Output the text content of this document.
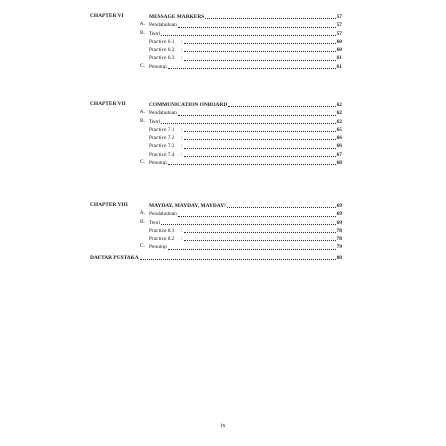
CHAPTER VI	MESSAGE MARKERS	57
A. Pendahuluan	57
B. Teori	57
Practice 6.1 :	60
Practice 6.2 :	60
Practice 6.3 :	61
C. Penutup	61
CHAPTER VII	COMMUNICATION ONBOARD	62
A. Pendahuluan	62
B. Teori	62
Practice 7.1 :	65
Practice 7.2 :	66
Practice 7.3 :	66
Practice 7.4 :	67
C. Penutup	68
CHAPTER VIII	MAYDAY, MAYDAY, MAYDAY!	69
A. Pendahuluan	69
B. Teori	69
Practice 8.1 :	78
Practice 8.2 :	78
C. Penutup	79
DAFTAR PUSTAKA	80
ix
